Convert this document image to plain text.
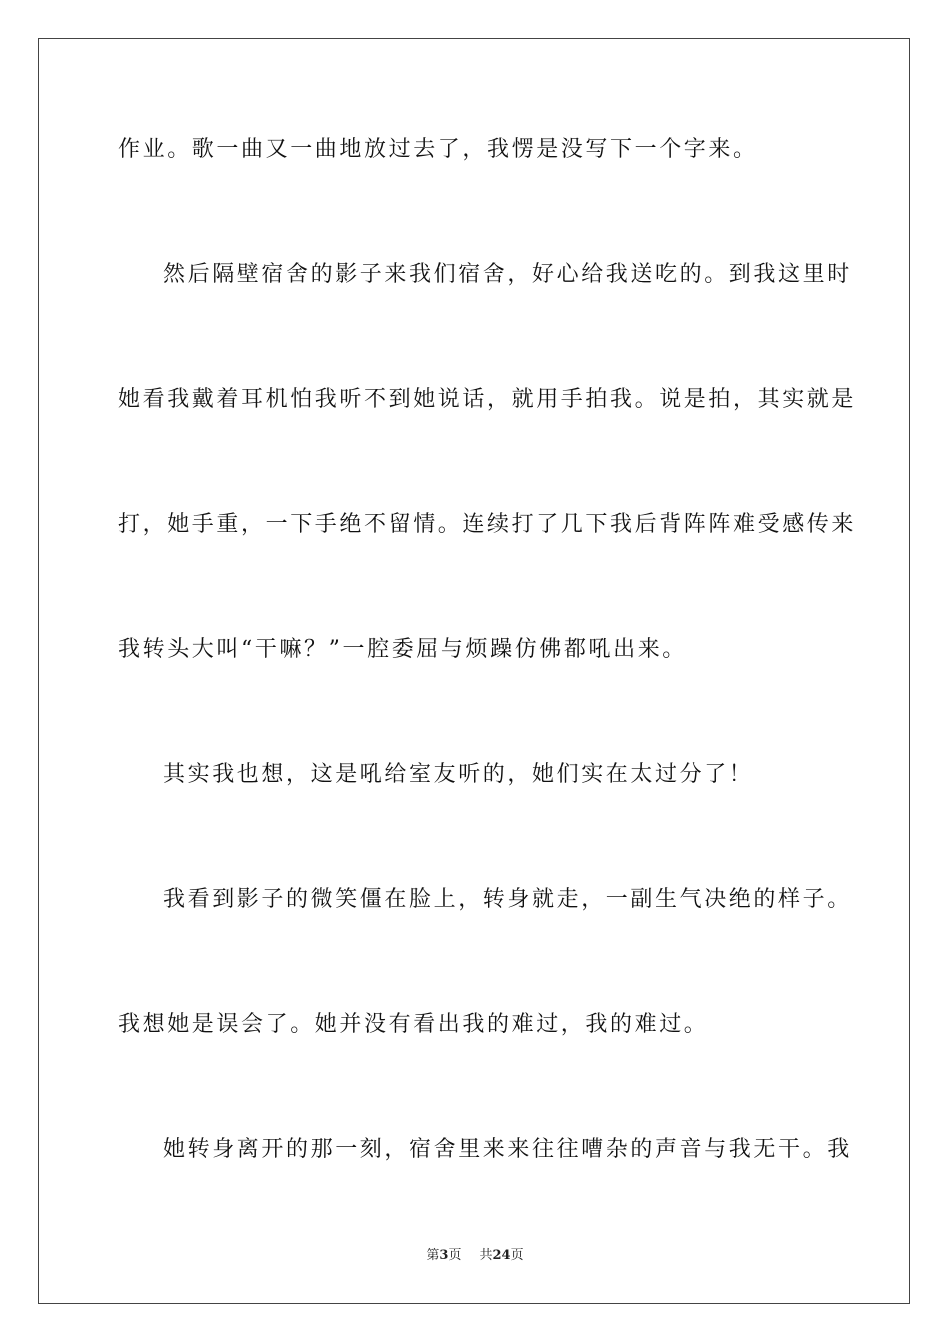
作业。歌一曲又一曲地放过去了，我愣是没写下一个字来。
然后隔壁宿舍的影子来我们宿舍，好心给我送吃的。到我这里时
她看我戴着耳机怕我听不到她说话，就用手拍我。说是拍，其实就是
打，她手重，一下手绝不留情。连续打了几下我后背阵阵难受感传来
我转头大叫“干嘛？”一腔委屈与烦躁仿佛都吼出来。
其实我也想，这是吼给室友听的，她们实在太过分了！
我看到影子的微笑僵在脸上，转身就走，一副生气决绝的样子。
我想她是误会了。她并没有看出我的难过，我的难过。
她转身离开的那一刻，宿舍里来来往往嘈杂的声音与我无干。我
第3页 共24页
